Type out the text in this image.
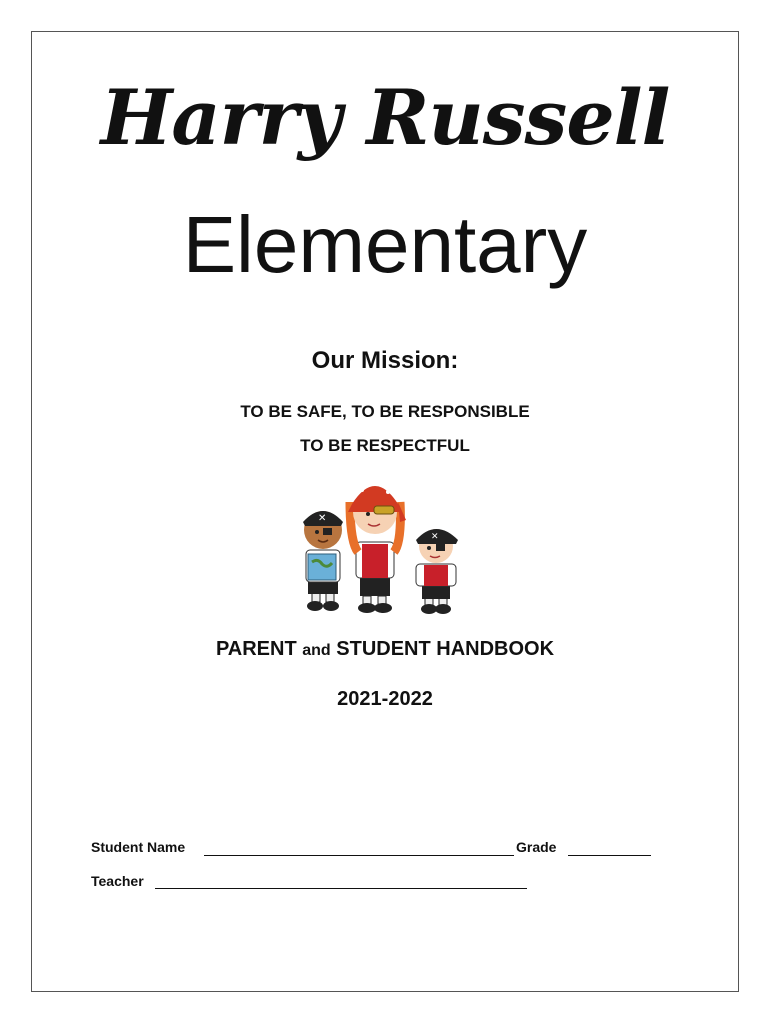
Harry Russell
Elementary
Our Mission:
TO BE SAFE, TO BE RESPONSIBLE
TO BE RESPECTFUL
✕
✕
PARENT and STUDENT HANDBOOK
2021-2022
Student Name	Grade
Teacher
